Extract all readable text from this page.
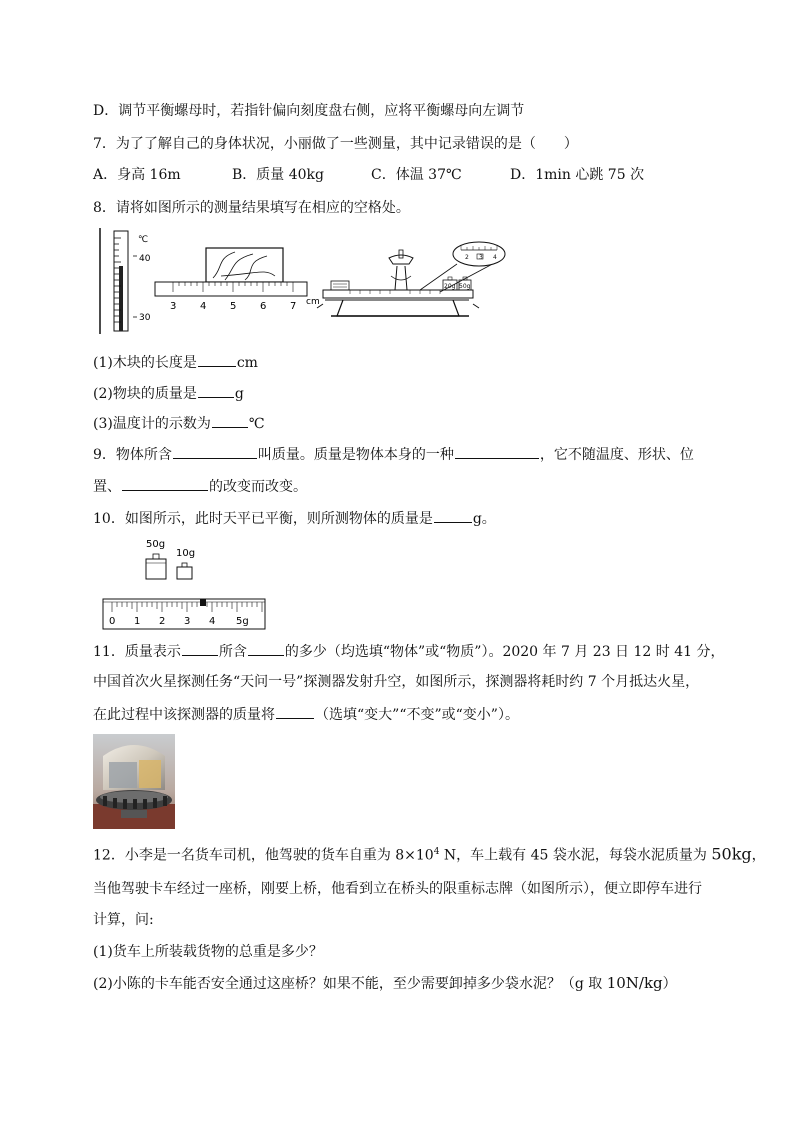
D．调节平衡螺母时，若指针偏向刻度盘右侧，应将平衡螺母向左调节
7．为了了解自己的身体状况，小丽做了一些测量，其中记录错误的是（　　）
A．身高 16m	B．质量 40kg	C．体温 37℃	D．1min 心跳 75 次
8．请将如图所示的测量结果填写在相应的空格处。
℃
40
30
3 4 5 6 7 cm
20g 50g
2 3 4
(1)木块的长度是	cm
(2)物块的质量是	g
(3)温度计的示数为	℃
9．物体所含	叫质量。质量是物体本身的一种	，它不随温度、形状、位
置、	的改变而改变。
10．如图所示，此时天平已平衡，则所测物体的质量是	g。
50g
10g
0 1 2 3 4 5g
11．质量表示	所含	的多少（均选填“物体”或“物质”）。2020 年 7 月 23 日 12 时 41 分，
中国首次火星探测任务“天问一号”探测器发射升空，如图所示，探测器将耗时约 7 个月抵达火星，
在此过程中该探测器的质量将	（选填“变大”“不变”或“变小”）。
12．小李是一名货车司机，他驾驶的货车自重为 $8\times 10^4$ N，车上载有 45 袋水泥，每袋水泥质量为 50kg，
当他驾驶卡车经过一座桥，刚要上桥，他看到立在桥头的限重标志牌（如图所示），便立即停车进行
计算，问:
(1)货车上所装载货物的总重是多少？
(2)小陈的卡车能否安全通过这座桥？如果不能，至少需要卸掉多少袋水泥？（g 取 10N/kg）
